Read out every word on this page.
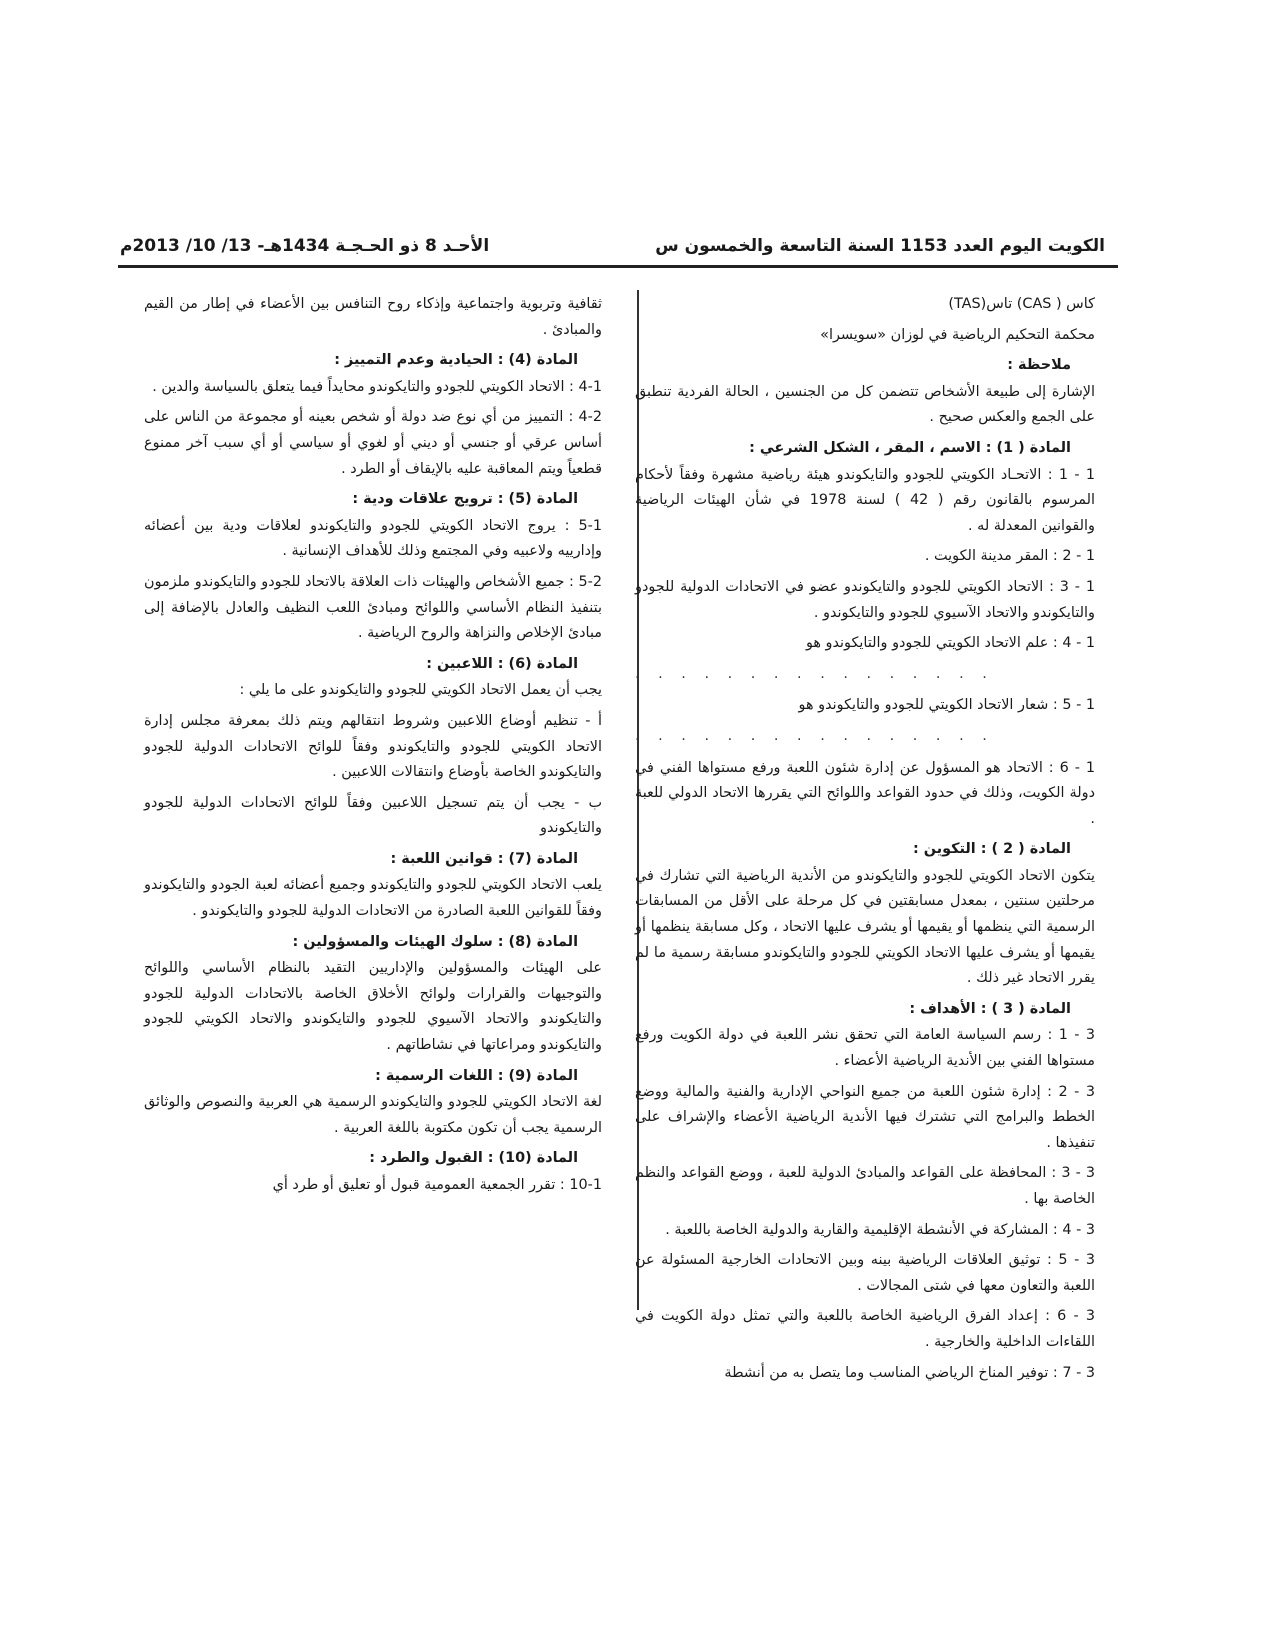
الكويت اليوم العدد 1153 السنة التاسعة والخمسون س
الأحـد 8 ذو الحـجـة 1434هـ- 13/ 10/ 2013م

كاس ( CAS) تاس(TAS)

محكمة التحكيم الرياضية في لوزان «سويسرا»

ملاحظة :

الإشارة إلى طبيعة الأشخاص تتضمن كل من الجنسين ، الحالة الفردية تنطبق على الجمع والعكس صحيح .

المادة ( 1) : الاسم ، المقر ، الشكل الشرعي :

1 - 1 : الاتحـاد الكويتي للجودو والتايكوندو هيئة رياضية مشهرة وفقاً لأحكام المرسوم بالقانون رقم ( 42 ) لسنة 1978 في شأن الهيئات الرياضية والقوانين المعدلة له .

1 - 2 : المقر مدينة الكويت .

1 - 3 : الاتحاد الكويتي للجودو والتايكوندو عضو في الاتحادات الدولية للجودو والتايكوندو والاتحاد الآسيوي للجودو والتايكوندو .

1 - 4 : علم الاتحاد الكويتي للجودو والتايكوندو هو

. . . . . . . . . . . . . . . .

1 - 5 : شعار الاتحاد الكويتي للجودو والتايكوندو هو

. . . . . . . . . . . . . . . .

1 - 6 : الاتحاد هو المسؤول عن إدارة شئون اللعبة ورفع مستواها الفني في دولة الكويت، وذلك في حدود القواعد واللوائح التي يقررها الاتحاد الدولي للعبة .

المادة ( 2 ) : التكوين :

يتكون الاتحاد الكويتي للجودو والتايكوندو من الأندية الرياضية التي تشارك في مرحلتين سنتين ، بمعدل مسابقتين في كل مرحلة على الأقل من المسابقات الرسمية التي ينظمها أو يقيمها أو يشرف عليها الاتحاد ، وكل مسابقة ينظمها أو يقيمها أو يشرف عليها الاتحاد الكويتي للجودو والتايكوندو مسابقة رسمية ما لم يقرر الاتحاد غير ذلك .

المادة ( 3 ) : الأهداف :

3 - 1 : رسم السياسة العامة التي تحقق نشر اللعبة في دولة الكويت ورفع مستواها الفني بين الأندية الرياضية الأعضاء .

3 - 2 : إدارة شئون اللعبة من جميع النواحي الإدارية والفنية والمالية ووضع الخطط والبرامج التي تشترك فيها الأندية الرياضية الأعضاء والإشراف على تنفيذها .

3 - 3 : المحافظة على القواعد والمبادئ الدولية للعبة ، ووضع القواعد والنظم الخاصة بها .

3 - 4 : المشاركة في الأنشطة الإقليمية والقارية والدولية الخاصة باللعبة .

3 - 5 : توثيق العلاقات الرياضية بينه وبين الاتحادات الخارجية المسئولة عن اللعبة والتعاون معها في شتى المجالات .

3 - 6 : إعداد الفرق الرياضية الخاصة باللعبة والتي تمثل دولة الكويت في اللقاءات الداخلية والخارجية .

3 - 7 : توفير المناخ الرياضي المناسب وما يتصل به من أنشطة

ثقافية وتربوية واجتماعية وإذكاء روح التنافس بين الأعضاء في إطار من القيم والمبادئ .

المادة (4) : الحيادية وعدم التمييز :

4-1 : الاتحاد الكويتي للجودو والتايكوندو محايداً فيما يتعلق بالسياسة والدين .

4-2 : التمييز من أي نوع ضد دولة أو شخص بعينه أو مجموعة من الناس على أساس عرقي أو جنسي أو ديني أو لغوي أو سياسي أو أي سبب آخر ممنوع قطعياً ويتم المعاقبة عليه بالإيقاف أو الطرد .

المادة (5) : ترويج علاقات ودية :

5-1 : يروج الاتحاد الكويتي للجودو والتايكوندو لعلاقات ودية بين أعضائه وإدارييه ولاعبيه وفي المجتمع وذلك للأهداف الإنسانية .

5-2 : جميع الأشخاص والهيئات ذات العلاقة بالاتحاد للجودو والتايكوندو ملزمون بتنفيذ النظام الأساسي واللوائح ومبادئ اللعب النظيف والعادل بالإضافة إلى مبادئ الإخلاص والنزاهة والروح الرياضية .

المادة (6) : اللاعبين :

يجب أن يعمل الاتحاد الكويتي للجودو والتايكوندو على ما يلي :

أ - تنظيم أوضاع اللاعبين وشروط انتقالهم ويتم ذلك بمعرفة مجلس إدارة الاتحاد الكويتي للجودو والتايكوندو وفقاً للوائح الاتحادات الدولية للجودو والتايكوندو الخاصة بأوضاع وانتقالات اللاعبين .

ب - يجب أن يتم تسجيل اللاعبين وفقاً للوائح الاتحادات الدولية للجودو والتايكوندو

المادة (7) : قوانين اللعبة :

يلعب الاتحاد الكويتي للجودو والتايكوندو وجميع أعضائه لعبة الجودو والتايكوندو وفقاً للقوانين اللعبة الصادرة من الاتحادات الدولية للجودو والتايكوندو .

المادة (8) : سلوك الهيئات والمسؤولين :

على الهيئات والمسؤولين والإداريين التقيد بالنظام الأساسي واللوائح والتوجيهات والقرارات ولوائح الأخلاق الخاصة بالاتحادات الدولية للجودو والتايكوندو والاتحاد الآسيوي للجودو والتايكوندو والاتحاد الكويتي للجودو والتايكوندو ومراعاتها في نشاطاتهم .

المادة (9) : اللغات الرسمية :

لغة الاتحاد الكويتي للجودو والتايكوندو الرسمية هي العربية والنصوص والوثائق الرسمية يجب أن تكون مكتوبة باللغة العربية .

المادة (10) : القبول والطرد :

10-1 : تقرر الجمعية العمومية قبول أو تعليق أو طرد أي
